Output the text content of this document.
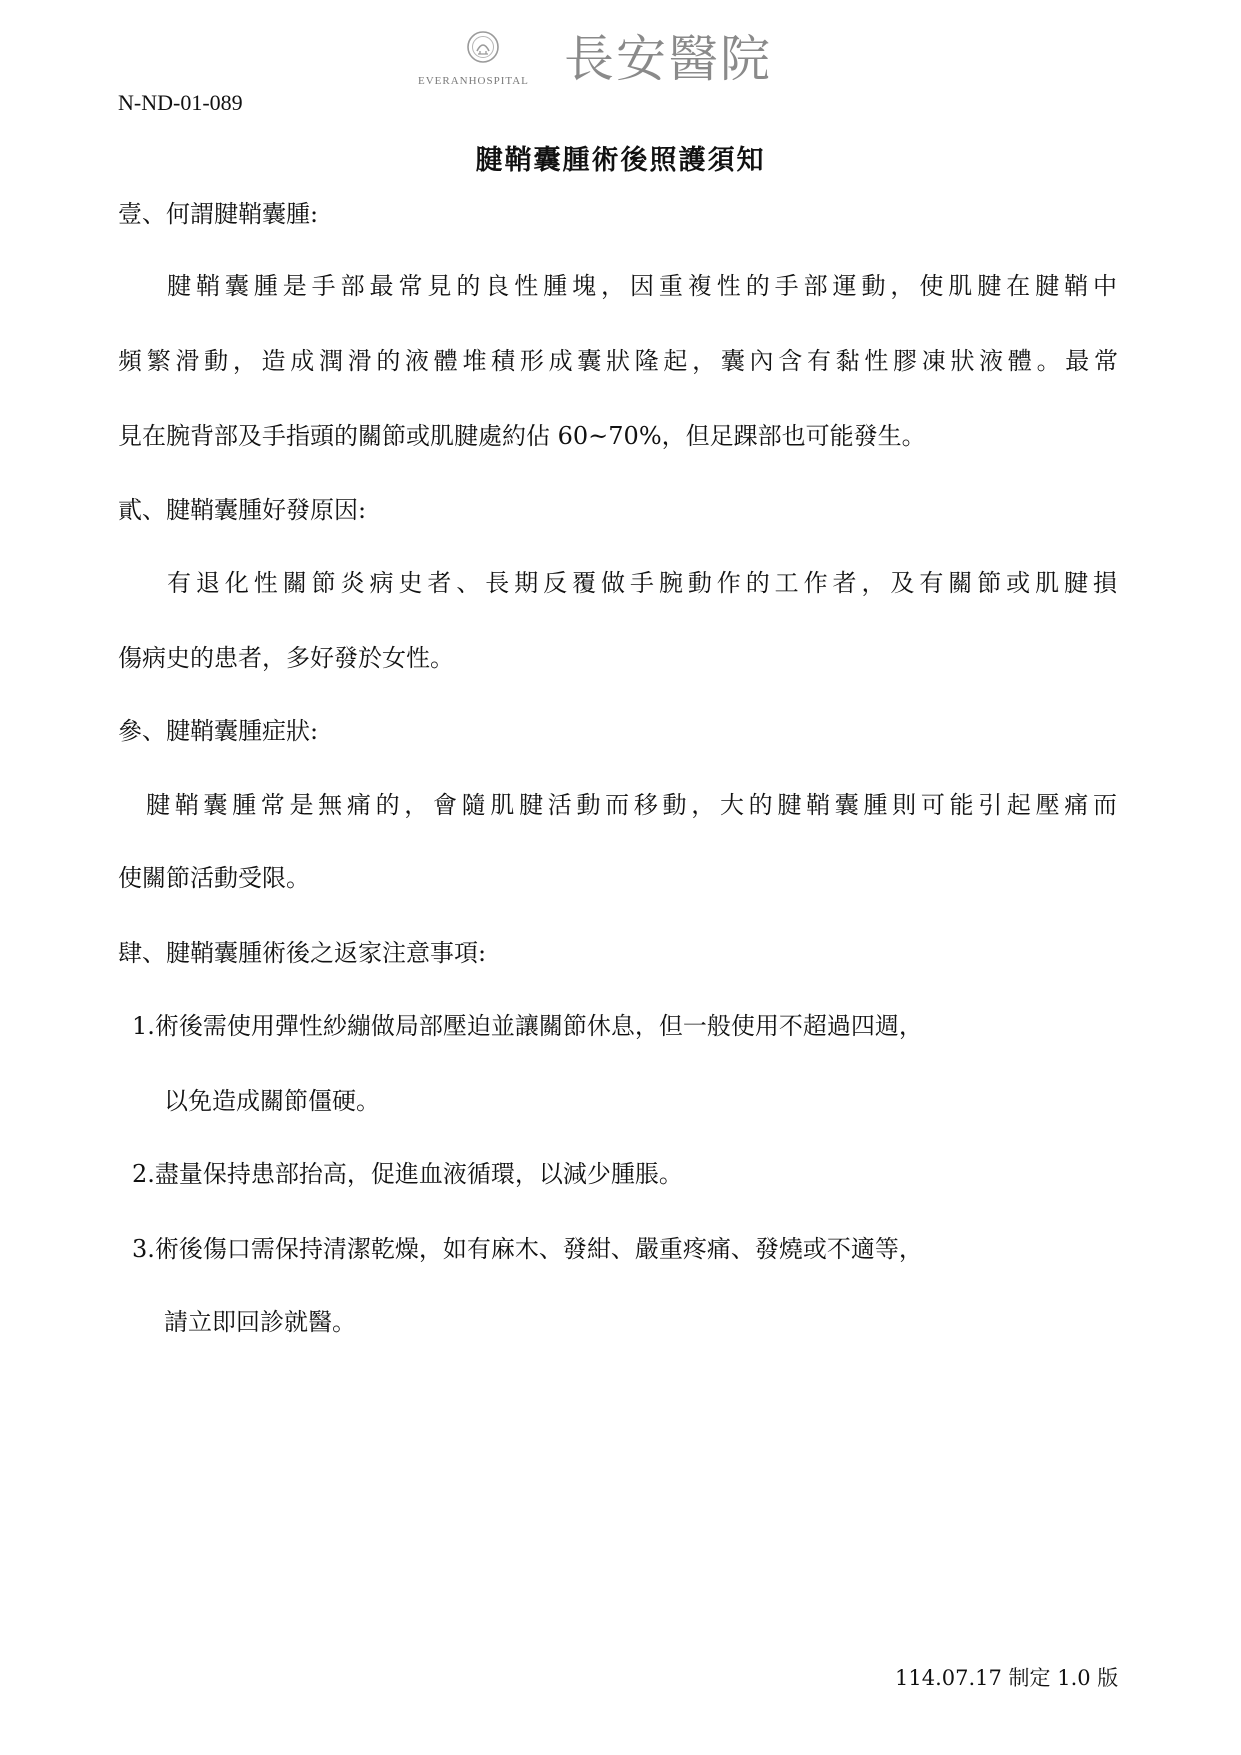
EVERANHOSPITAL 長安醫院
N-ND-01-089
腱鞘囊腫術後照護須知
壹、何謂腱鞘囊腫:
腱鞘囊腫是手部最常見的良性腫塊，因重複性的手部運動，使肌腱在腱鞘中
頻繁滑動，造成潤滑的液體堆積形成囊狀隆起，囊內含有黏性膠凍狀液體。最常
見在腕背部及手指頭的關節或肌腱處約佔 60~70%，但足踝部也可能發生。
貳、腱鞘囊腫好發原因:
有退化性關節炎病史者、長期反覆做手腕動作的工作者，及有關節或肌腱損
傷病史的患者，多好發於女性。
參、腱鞘囊腫症狀:
腱鞘囊腫常是無痛的，會隨肌腱活動而移動，大的腱鞘囊腫則可能引起壓痛而
使關節活動受限。
肆、腱鞘囊腫術後之返家注意事項:
1.術後需使用彈性紗繃做局部壓迫並讓關節休息，但一般使用不超過四週，
以免造成關節僵硬。
2.盡量保持患部抬高，促進血液循環，以減少腫脹。
3.術後傷口需保持清潔乾燥，如有麻木、發紺、嚴重疼痛、發燒或不適等，
請立即回診就醫。
114.07.17 制定 1.0 版
